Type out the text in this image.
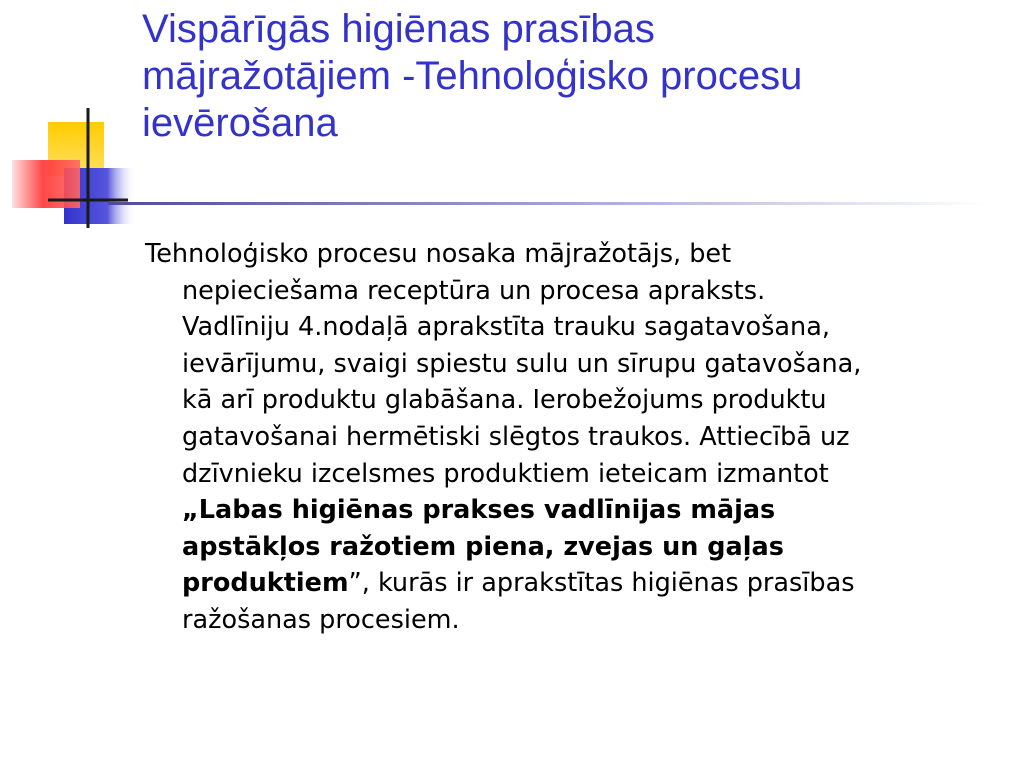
Vispārīgās higiēnas prasības
mājražotājiem -Tehnoloģisko procesu
ievērošana

Tehnoloģisko procesu nosaka mājražotājs, bet
nepieciešama receptūra un procesa apraksts.
Vadlīniju 4.nodaļā aprakstīta trauku sagatavošana,
ievārījumu, svaigi spiestu sulu un sīrupu gatavošana,
kā arī produktu glabāšana. Ierobežojums produktu
gatavošanai hermētiski slēgtos traukos. Attiecībā uz
dzīvnieku izcelsmes produktiem ieteicam izmantot
„Labas higiēnas prakses vadlīnijas mājas
apstākļos ražotiem piena, zvejas un gaļas
produktiem”, kurās ir aprakstītas higiēnas prasības
ražošanas procesiem.
